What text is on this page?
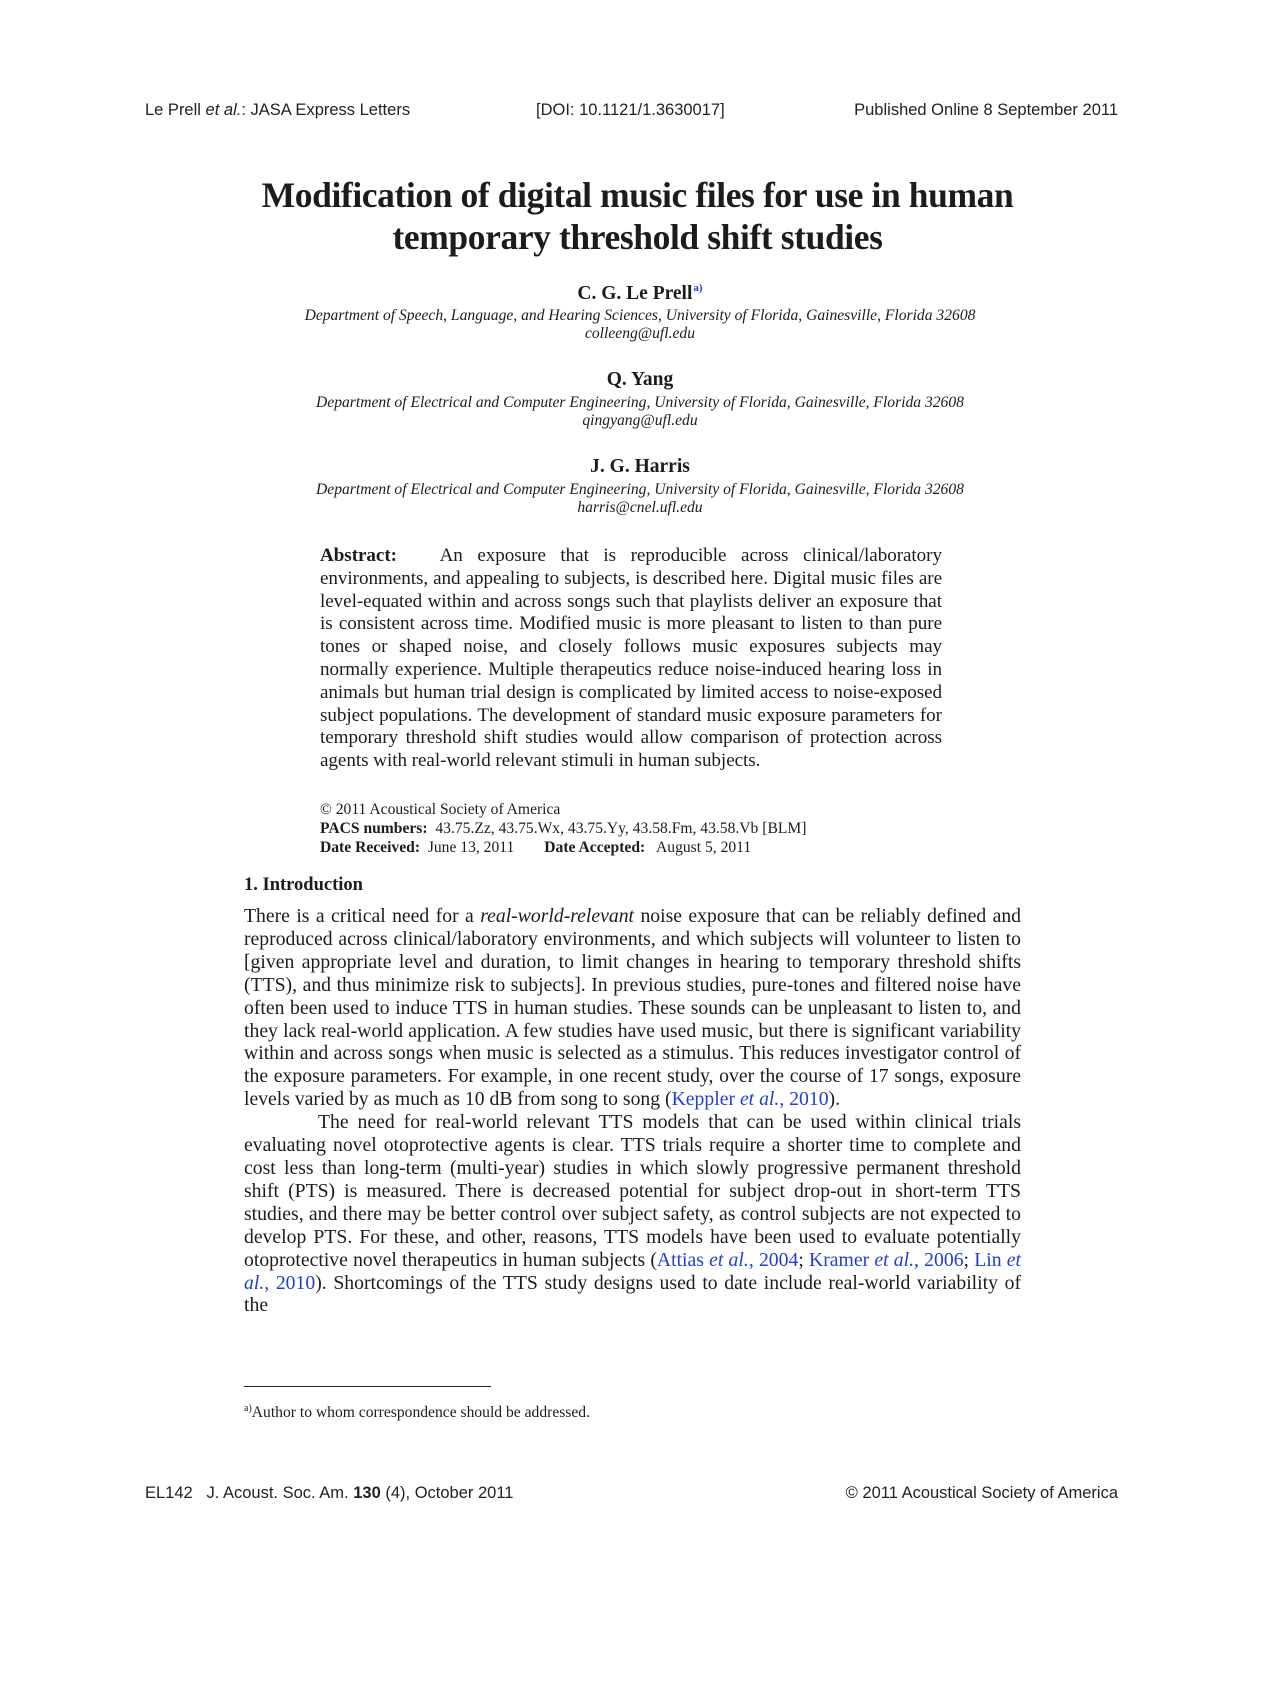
Le Prell et al.: JASA Express Letters	[DOI: 10.1121/1.3630017]	Published Online 8 September 2011
Modification of digital music files for use in human
temporary threshold shift studies
C. G. Le Prell$^{a)}$
Department of Speech, Language, and Hearing Sciences, University of Florida, Gainesville, Florida 32608
colleeng@ufl.edu
Q. Yang
Department of Electrical and Computer Engineering, University of Florida, Gainesville, Florida 32608
qingyang@ufl.edu
J. G. Harris
Department of Electrical and Computer Engineering, University of Florida, Gainesville, Florida 32608
harris@cnel.ufl.edu
Abstract: An exposure that is reproducible across clinical/laboratory environments, and appealing to subjects, is described here. Digital music files are level-equated within and across songs such that playlists deliver an exposure that is consistent across time. Modified music is more pleasant to listen to than pure tones or shaped noise, and closely follows music exposures subjects may normally experience. Multiple therapeutics reduce noise-induced hearing loss in animals but human trial design is complicated by limited access to noise-exposed subject populations. The development of standard music exposure parameters for temporary threshold shift studies would allow comparison of protection across agents with real-world relevant stimuli in human subjects.
© 2011 Acoustical Society of America
PACS numbers: 43.75.Zz, 43.75.Wx, 43.75.Yy, 43.58.Fm, 43.58.Vb [BLM]
Date Received: June 13, 2011 Date Accepted: August 5, 2011
1. Introduction

There is a critical need for a real-world-relevant noise exposure that can be reliably defined and reproduced across clinical/laboratory environments, and which subjects will volunteer to listen to [given appropriate level and duration, to limit changes in hearing to temporary threshold shifts (TTS), and thus minimize risk to subjects]. In previous studies, pure-tones and filtered noise have often been used to induce TTS in human studies. These sounds can be unpleasant to listen to, and they lack real-world application. A few studies have used music, but there is significant variability within and across songs when music is selected as a stimulus. This reduces investigator control of the exposure parameters. For example, in one recent study, over the course of 17 songs, exposure levels varied by as much as 10 dB from song to song (Keppler et al., 2010).

The need for real-world relevant TTS models that can be used within clinical trials evaluating novel otoprotective agents is clear. TTS trials require a shorter time to complete and cost less than long-term (multi-year) studies in which slowly progressive permanent threshold shift (PTS) is measured. There is decreased potential for subject drop-out in short-term TTS studies, and there may be better control over subject safety, as control subjects are not expected to develop PTS. For these, and other, reasons, TTS models have been used to evaluate potentially otoprotective novel therapeutics in human subjects (Attias et al., 2004; Kramer et al., 2006; Lin et al., 2010). Shortcomings of the TTS study designs used to date include real-world variability of the

$^{a)}$Author to whom correspondence should be addressed.
EL142 J. Acoust. Soc. Am. 130 (4), October 2011	© 2011 Acoustical Society of America
